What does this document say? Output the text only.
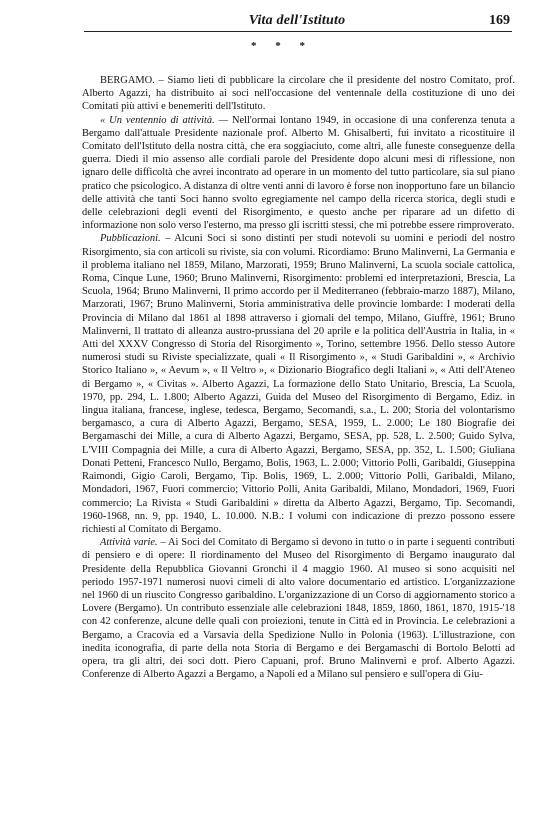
Vita dell'Istituto	169
* * *

BERGAMO. – Siamo lieti di pubblicare la circolare che il presidente del nostro Comitato, prof. Alberto Agazzi, ha distribuito ai soci nell'occasione del ventennale della costituzione di uno dei Comitati più attivi e benemeriti dell'Istituto.

« Un ventennio di attività. — Nell'ormai lontano 1949, in occasione di una conferenza tenuta a Bergamo dall'attuale Presidente nazionale prof. Alberto M. Ghisalberti, fui invitato a ricostituire il Comitato dell'Istituto della nostra città, che era soggiaciuto, come altri, alle funeste conseguenze della guerra. Diedi il mio assenso alle cordiali parole del Presidente dopo alcuni mesi di riflessione, non ignaro delle difficoltà che avrei incontrato ad operare in un momento del tutto particolare, sia sul piano pratico che psicologico. A distanza di oltre venti anni di lavoro è forse non inopportuno fare un bilancio delle attività che tanti Soci hanno svolto egregiamente nel campo della ricerca storica, degli studi e delle celebrazioni degli eventi del Risorgimento, e questo anche per riparare ad un difetto di informazione non solo verso l'esterno, ma presso gli iscritti stessi, che mi potrebbe essere rimproverato.

Pubblicazioni. – Alcuni Soci si sono distinti per studi notevoli su uomini e periodi del nostro Risorgimento, sia con articoli su riviste, sia con volumi. Ricordiamo: Bruno Malinverni, La Germania e il problema italiano nel 1859, Milano, Marzorati, 1959; Bruno Malinverni, La scuola sociale cattolica, Roma, Cinque Lune, 1960; Bruno Malinverni, Risorgimento: problemi ed interpretazioni, Brescia, La Scuola, 1964; Bruno Malinverni, Il primo accordo per il Mediterraneo (febbraio-marzo 1887), Milano, Marzorati, 1967; Bruno Malinverni, Storia amministrativa delle provincie lombarde: I moderati della Provincia di Milano dal 1861 al 1898 attraverso i giornali del tempo, Milano, Giuffrè, 1961; Bruno Malinverni, Il trattato di alleanza austro-prussiana del 20 aprile e la politica dell'Austria in Italia, in « Atti del XXXV Congresso di Storia del Risorgimento », Torino, settembre 1956. Dello stesso Autore numerosi studi su Riviste specializzate, quali « Il Risorgimento », « Studi Garibaldini », « Archivio Storico Italiano », « Aevum », « Il Veltro », « Dizionario Biografico degli Italiani », « Atti dell'Ateneo di Bergamo », « Civitas ». Alberto Agazzi, La formazione dello Stato Unitario, Brescia, La Scuola, 1970, pp. 294, L. 1.800; Alberto Agazzi, Guida del Museo del Risorgimento di Bergamo, Ediz. in lingua italiana, francese, inglese, tedesca, Bergamo, Secomandi, s.a., L. 200; Storia del volontarismo bergamasco, a cura di Alberto Agazzi, Bergamo, SESA, 1959, L. 2.000; Le 180 Biografie dei Bergamaschi dei Mille, a cura di Alberto Agazzi, Bergamo, SESA, pp. 528, L. 2.500; Guido Sylva, L'VIII Compagnia dei Mille, a cura di Alberto Agazzi, Bergamo, SESA, pp. 352, L. 1.500; Giuliana Donati Petteni, Francesco Nullo, Bergamo, Bolis, 1963, L. 2.000; Vittorio Polli, Garibaldi, Giuseppina Raimondi, Gigio Caroli, Bergamo, Tip. Bolis, 1969, L. 2.000; Vittorio Polli, Garibaldi, Milano, Mondadori, 1967, Fuori commercio; Vittorio Polli, Anita Garibaldi, Milano, Mondadori, 1969, Fuori commercio; La Rivista « Studi Garibaldini » diretta da Alberto Agazzi, Bergamo, Tip. Secomandi, 1960-1968, nn. 9, pp. 1940, L. 10.000. N.B.: I volumi con indicazione di prezzo possono essere richiesti al Comitato di Bergamo.

Attività varie. – Ai Soci del Comitato di Bergamo si devono in tutto o in parte i seguenti contributi di pensiero e di opere: Il riordinamento del Museo del Risorgimento di Bergamo inaugurato dal Presidente della Repubblica Giovanni Gronchi il 4 maggio 1960. Al museo si sono acquisiti nel periodo 1957-1971 numerosi nuovi cimeli di alto valore documentario ed artistico. L'organizzazione nel 1960 di un riuscito Congresso garibaldino. L'organizzazione di un Corso di aggiornamento storico a Lovere (Bergamo). Un contributo essenziale alle celebrazioni 1848, 1859, 1860, 1861, 1870, 1915-'18 con 42 conferenze, alcune delle quali con proiezioni, tenute in Città ed in Provincia. Le celebrazioni a Bergamo, a Cracovia ed a Varsavia della Spedizione Nullo in Polonia (1963). L'illustrazione, con inedita iconografia, di parte della nota Storia di Bergamo e dei Bergamaschi di Bortolo Belotti ad opera, tra gli altri, dei soci dott. Piero Capuani, prof. Bruno Malinverni e prof. Alberto Agazzi. Conferenze di Alberto Agazzi a Bergamo, a Napoli ed a Milano sul pensiero e sull'opera di Giu-
